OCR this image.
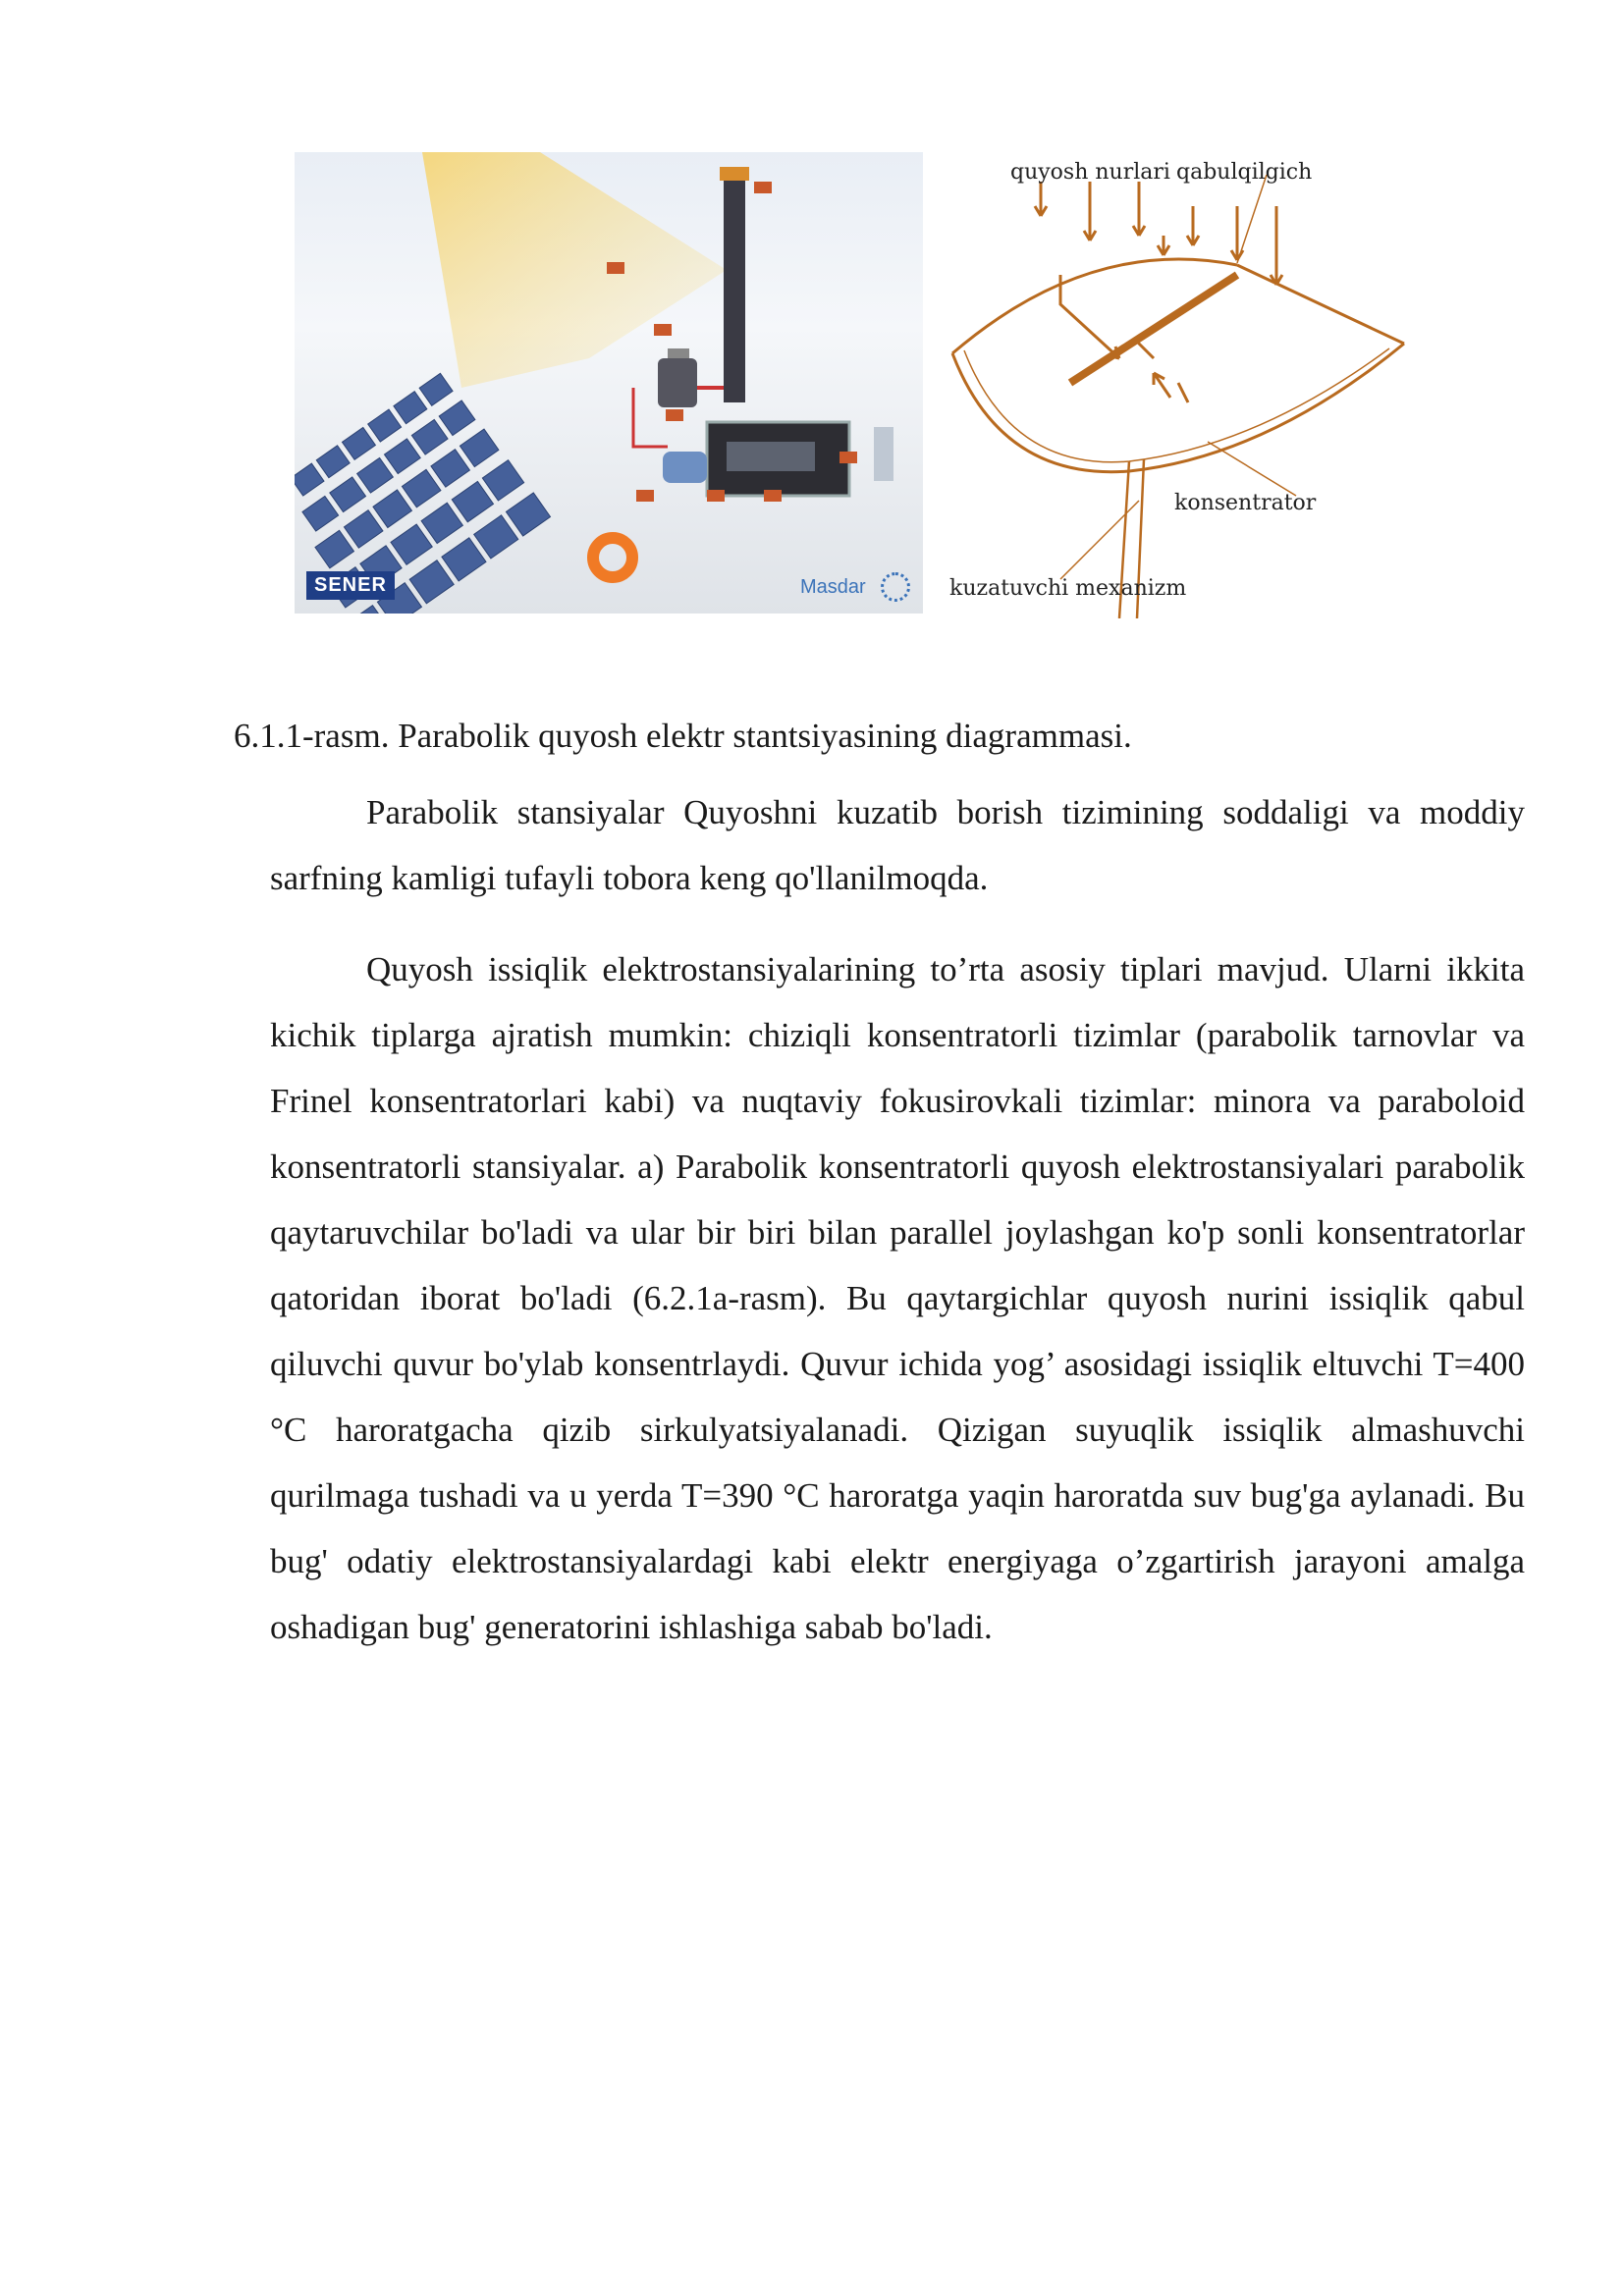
SENER	Masdar
quyosh nurlari qabulqilgich
konsentrator
kuzatuvchi mexanizm
6.1.1-rasm. Parabolik quyosh elektr stantsiyasining diagrammasi.

Parabolik stansiyalar Quyoshni kuzatib borish tizimining soddaligi va moddiy sarfning kamligi tufayli tobora keng qo'llanilmoqda.

Quyosh issiqlik elektrostansiyalarining to’rta asosiy tiplari mavjud. Ularni ikkita kichik tiplarga ajratish mumkin: chiziqli konsentratorli tizimlar (parabolik tarnovlar va Frinel konsentratorlari kabi) va nuqtaviy fokusirovkali tizimlar: minora va paraboloid konsentratorli stansiyalar. a) Parabolik konsentratorli quyosh elektrostansiyalari parabolik qaytaruvchilar bo'ladi va ular bir biri bilan parallel joylashgan ko'p sonli konsentratorlar qatoridan iborat bo'ladi (6.2.1a-rasm). Bu qaytargichlar quyosh nurini issiqlik qabul qiluvchi quvur bo'ylab konsentrlaydi. Quvur ichida yog’ asosidagi issiqlik eltuvchi T=400 °C haroratgacha qizib sirkulyatsiyalanadi. Qizigan suyuqlik issiqlik almashuvchi qurilmaga tushadi va u yerda T=390 °C haroratga yaqin haroratda suv bug'ga aylanadi. Bu bug' odatiy elektrostansiyalardagi kabi elektr energiyaga o’zgartirish jarayoni amalga oshadigan bug' generatorini ishlashiga sabab bo'ladi.
